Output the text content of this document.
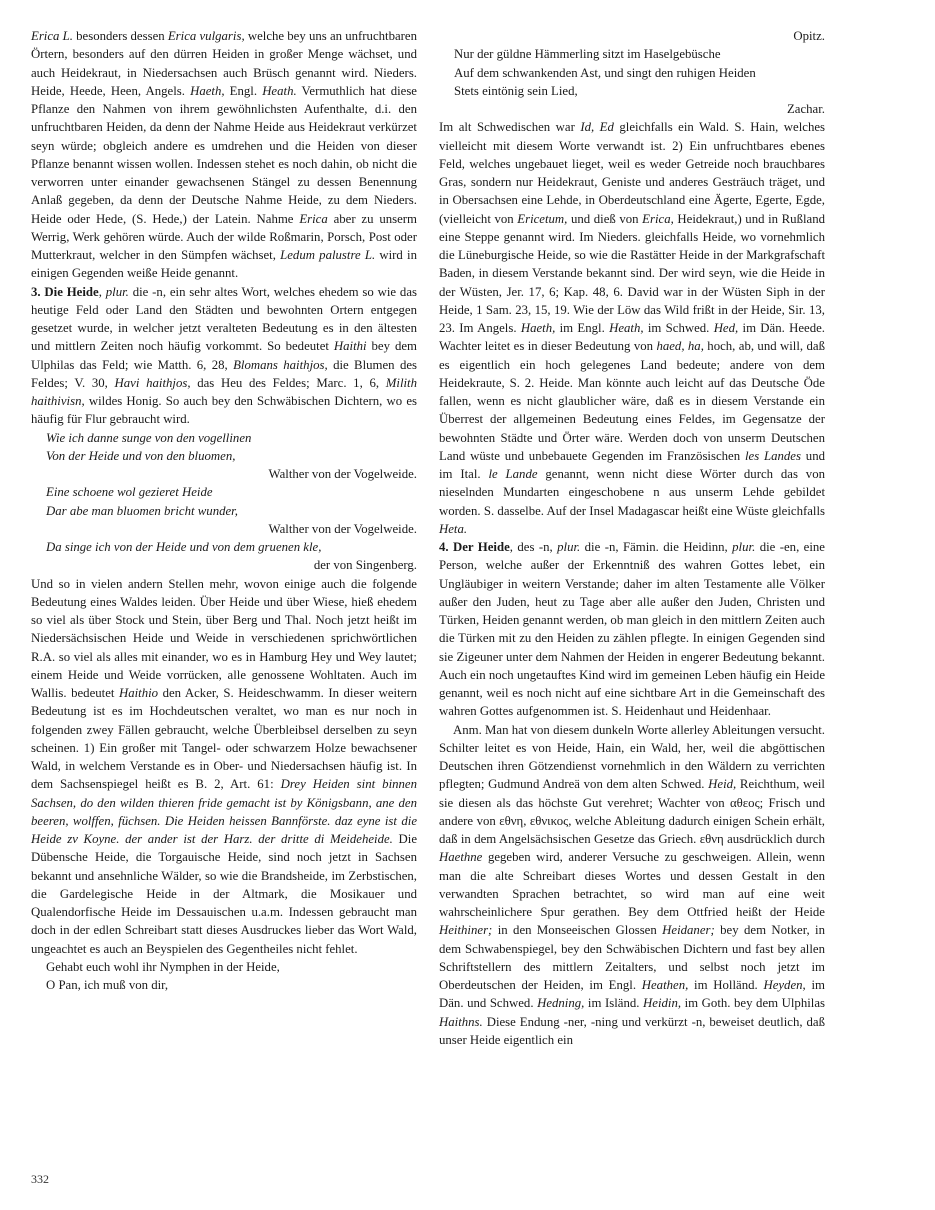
Erica L. besonders dessen Erica vulgaris, welche bey uns an unfruchtbaren Örtern, besonders auf den dürren Heiden in großer Menge wächset, und auch Heidekraut, in Niedersachsen auch Brüsch genannt wird. Nieders. Heide, Heede, Heen, Angels. Haeth, Engl. Heath. Vermuthlich hat diese Pflanze den Nahmen von ihrem gewöhnlichsten Aufenthalte, d.i. den unfruchtbaren Heiden, da denn der Nahme Heide aus Heidekraut verkürzet seyn würde; obgleich andere es umdrehen und die Heiden von dieser Pflanze benannt wissen wollen. Indessen stehet es noch dahin, ob nicht die verworren unter einander gewachsenen Stängel zu dessen Benennung Anlaß gegeben, da denn der Deutsche Nahme Heide, zu dem Nieders. Heide oder Hede, (S. Hede,) der Latein. Nahme Erica aber zu unserm Werrig, Werk gehören würde. Auch der wilde Roßmarin, Porsch, Post oder Mutterkraut, welcher in den Sümpfen wächset, Ledum palustre L. wird in einigen Gegenden weiße Heide genannt.

3. Die Heide, plur. die -n, ein sehr altes Wort, welches ehedem so wie das heutige Feld oder Land den Städten und bewohnten Ortern entgegen gesetzet wurde, in welcher jetzt veralteten Bedeutung es in den ältesten und mittlern Zeiten noch häufig vorkommt. So bedeutet Haithi bey dem Ulphilas das Feld; wie Matth. 6, 28, Blomans haithjos, die Blumen des Feldes; V. 30, Havi haithjos, das Heu des Feldes; Marc. 1, 6, Milith haithivisn, wildes Honig. So auch bey den Schwäbischen Dichtern, wo es häufig für Flur gebraucht wird.

Wie ich danne sunge von den vogellinen

Von der Heide und von den bluomen,

Walther von der Vogelweide.

Eine schoene wol gezieret Heide

Dar abe man bluomen bricht wunder,

Walther von der Vogelweide.

Da singe ich von der Heide und von dem gruenen kle,

der von Singenberg.

Und so in vielen andern Stellen mehr, wovon einige auch die folgende Bedeutung eines Waldes leiden. Über Heide und über Wiese, hieß ehedem so viel als über Stock und Stein, über Berg und Thal. Noch jetzt heißt im Niedersächsischen Heide und Weide in verschiedenen sprichwörtlichen R.A. so viel als alles mit einander, wo es in Hamburg Hey und Wey lautet; einem Heide und Weide vorrücken, alle genossene Wohltaten. Auch im Wallis. bedeutet Haithio den Acker, S. Heideschwamm. In dieser weitern Bedeutung ist es im Hochdeutschen veraltet, wo man es nur noch in folgenden zwey Fällen gebraucht, welche Überbleibsel derselben zu seyn scheinen. 1) Ein großer mit Tangel- oder schwarzem Holze bewachsener Wald, in welchem Verstande es in Ober- und Niedersachsen häufig ist. In dem Sachsenspiegel heißt es B. 2, Art. 61: Drey Heiden sint binnen Sachsen, do den wilden thieren fride gemacht ist by Königsbann, ane den beeren, wolffen, füchsen. Die Heiden heissen Bannförste. daz eyne ist die Heide zv Koyne. der ander ist der Harz. der dritte di Meideheide. Die Dübensche Heide, die Torgauische Heide, sind noch jetzt in Sachsen bekannt und ansehnliche Wälder, so wie die Brandsheide, im Zerbstischen, die Gardelegische Heide in der Altmark, die Mosikauer und Qualendorfische Heide im Dessauischen u.a.m. Indessen gebraucht man doch in der edlen Schreibart statt dieses Ausdruckes lieber das Wort Wald, ungeachtet es auch an Beyspielen des Gegentheiles nicht fehlet.

Gehabt euch wohl ihr Nymphen in der Heide,

O Pan, ich muß von dir,

Opitz.

Nur der güldne Hämmerling sitzt im Haselgebüsche

Auf dem schwankenden Ast, und singt den ruhigen Heiden

Stets eintönig sein Lied,

Zachar.

Im alt Schwedischen war Id, Ed gleichfalls ein Wald. S. Hain, welches vielleicht mit diesem Worte verwandt ist. 2) Ein unfruchtbares ebenes Feld, welches ungebauet lieget, weil es weder Getreide noch brauchbares Gras, sondern nur Heidekraut, Geniste und anderes Gesträuch träget, und in Obersachsen eine Lehde, in Oberdeutschland eine Ägerte, Egerte, Egde, (vielleicht von Ericetum, und dieß von Erica, Heidekraut,) und in Rußland eine Steppe genannt wird. Im Nieders. gleichfalls Heide, wo vornehmlich die Lüneburgische Heide, so wie die Rastätter Heide in der Markgrafschaft Baden, in diesem Verstande bekannt sind. Der wird seyn, wie die Heide in der Wüsten, Jer. 17, 6; Kap. 48, 6. David war in der Wüsten Siph in der Heide, 1 Sam. 23, 15, 19. Wie der Löw das Wild frißt in der Heide, Sir. 13, 23. Im Angels. Haeth, im Engl. Heath, im Schwed. Hed, im Dän. Heede. Wachter leitet es in dieser Bedeutung von haed, ha, hoch, ab, und will, daß es eigentlich ein hoch gelegenes Land bedeute; andere von dem Heidekraute, S. 2. Heide. Man könnte auch leicht auf das Deutsche Öde fallen, wenn es nicht glaublicher wäre, daß es in diesem Verstande ein Überrest der allgemeinen Bedeutung eines Feldes, im Gegensatze der bewohnten Städte und Örter wäre. Werden doch von unserm Deutschen Land wüste und unbebauete Gegenden im Französischen les Landes und im Ital. le Lande genannt, wenn nicht diese Wörter durch das von nieselnden Mundarten eingeschobene n aus unserm Lehde gebildet worden. S. dasselbe. Auf der Insel Madagascar heißt eine Wüste gleichfalls Heta.

4. Der Heide, des -n, plur. die -n, Fämin. die Heidinn, plur. die -en, eine Person, welche außer der Erkenntniß des wahren Gottes lebet, ein Ungläubiger in weitern Verstande; daher im alten Testamente alle Völker außer den Juden, heut zu Tage aber alle außer den Juden, Christen und Türken, Heiden genannt werden, ob man gleich in den mittlern Zeiten auch die Türken mit zu den Heiden zu zählen pflegte. In einigen Gegenden sind sie Zigeuner unter dem Nahmen der Heiden in engerer Bedeutung bekannt. Auch ein noch ungetauftes Kind wird im gemeinen Leben häufig ein Heide genannt, weil es noch nicht auf eine sichtbare Art in die Gemeinschaft des wahren Gottes aufgenommen ist. S. Heidenhaut und Heidenhaar.

Anm. Man hat von diesem dunkeln Worte allerley Ableitungen versucht. Schilter leitet es von Heide, Hain, ein Wald, her, weil die abgöttischen Deutschen ihren Götzendienst vornehmlich in den Wäldern zu verrichten pflegten; Gudmund Andreä von dem alten Schwed. Heid, Reichthum, weil sie diesen als das höchste Gut verehret; Wachter von αθεος; Frisch und andere von εθνη, εθνικος, welche Ableitung dadurch einigen Schein erhält, daß in dem Angelsächsischen Gesetze das Griech. εθνη ausdrücklich durch Haethne gegeben wird, anderer Versuche zu geschweigen. Allein, wenn man die alte Schreibart dieses Wortes und dessen Gestalt in den verwandten Sprachen betrachtet, so wird man auf eine weit wahrscheinlichere Spur gerathen. Bey dem Ottfried heißt der Heide Heithiner; in den Monseeischen Glossen Heidaner; bey dem Notker, in dem Schwabenspiegel, bey den Schwäbischen Dichtern und fast bey allen Schriftstellern des mittlern Zeitalters, und selbst noch jetzt im Oberdeutschen der Heiden, im Engl. Heathen, im Holländ. Heyden, im Dän. und Schwed. Hedning, im Isländ. Heidin, im Goth. bey dem Ulphilas Haithns. Diese Endung -ner, -ning und verkürzt -n, beweiset deutlich, daß unser Heide eigentlich ein

332
